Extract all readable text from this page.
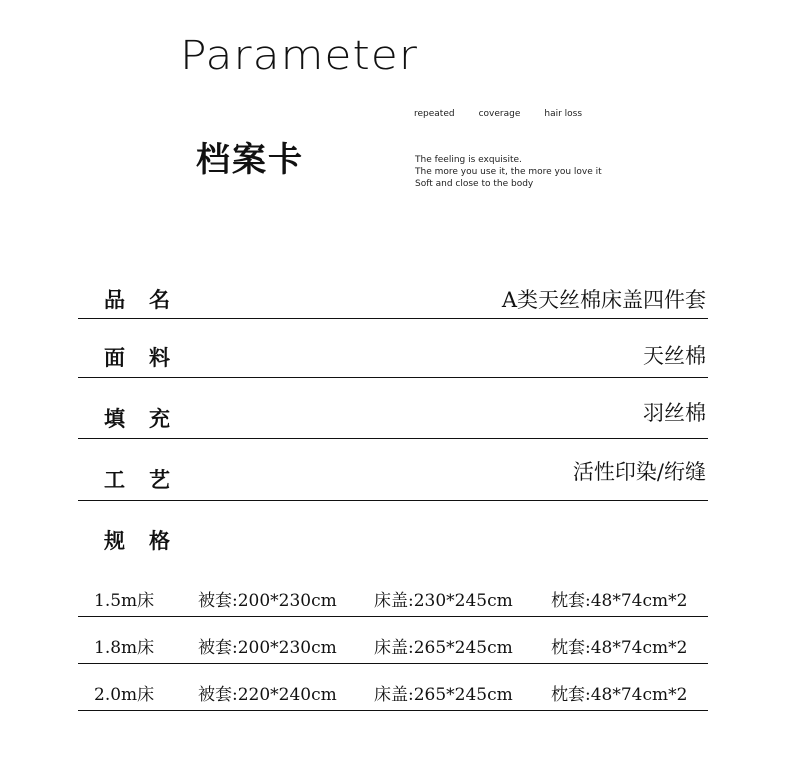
Parameter
档案卡
repeated	coverage	hair loss
The feeling is exquisite.
The more you use it, the more you love it
Soft and close to the body
品名	A类天丝棉床盖四件套
面料	天丝棉
填充	羽丝棉
工艺	活性印染/绗缝
规格
1.5m床	被套:200*230cm 床盖:230*245cm 枕套:48*74cm*2
1.8m床	被套:200*230cm 床盖:265*245cm 枕套:48*74cm*2
2.0m床	被套:220*240cm 床盖:265*245cm 枕套:48*74cm*2
